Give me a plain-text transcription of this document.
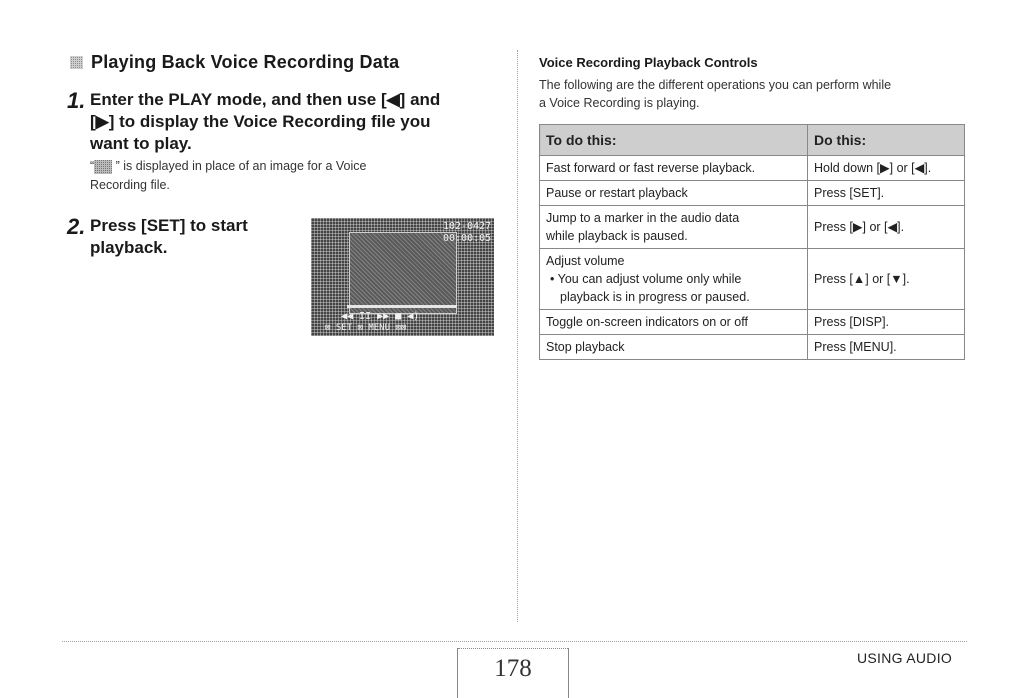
Playing Back Voice Recording Data
1. Enter the PLAY mode, and then use [◀] and
[▶] to display the Voice Recording file you
want to play.
“ ” is displayed in place of an image for a Voice
Recording file.
2. Press [SET] to start
playback.
102-0427
00:00:05
◀◀ II ▶▶ ■ ◀)
⊠ SET ⊠ MENU ⊠⊠
Voice Recording Playback Controls
The following are the different operations you can perform while
a Voice Recording is playing.
To do this:	Do this:
Fast forward or fast reverse playback.	Hold down [▶] or [◀].
Pause or restart playback	Press [SET].

Jump to a marker in the audio data
while playback is paused.	Press [▶] or [◀].

Adjust volume
• You can adjust volume only while
playback is in progress or paused.	Press [▲] or [▼].
Toggle on-screen indicators on or off	Press [DISP].
Stop playback	Press [MENU].
178	USING AUDIO
